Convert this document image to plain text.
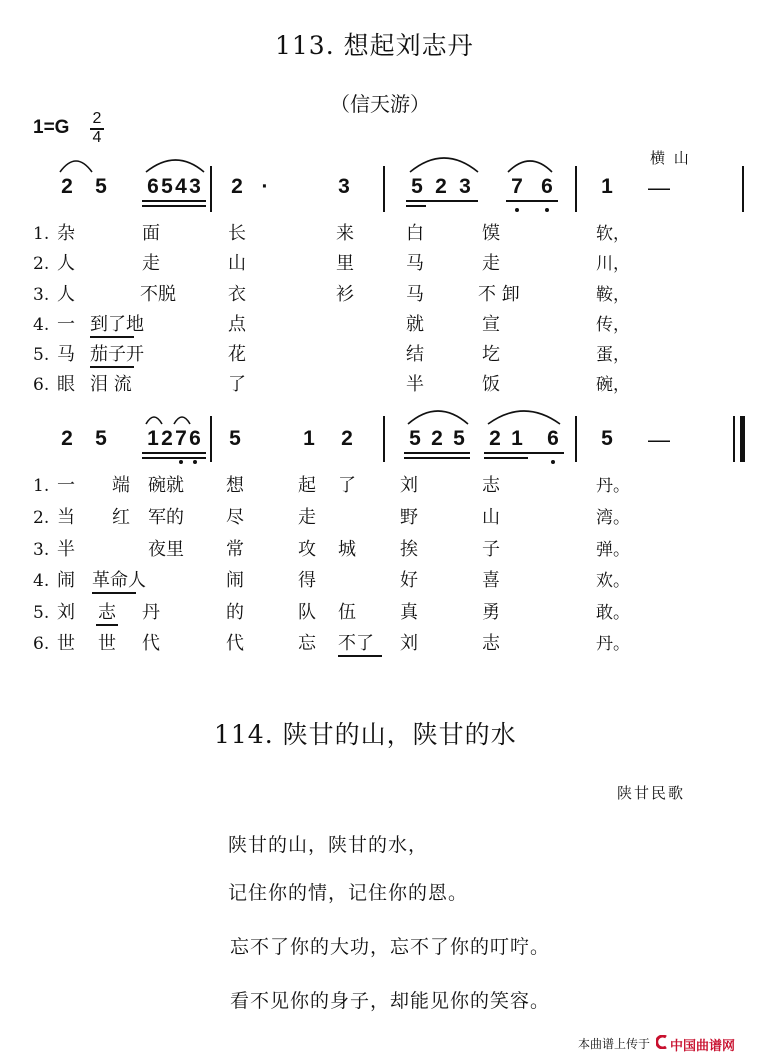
113. 想起刘志丹
（信天游）
1=G 2
4
横 山
2 5 6 5 4 3 2 ·	3	5 2 3 7 6 1 —
1. 杂	面	长	来	白	馍	软，
2. 人	走	山	里	马	走	川，
3. 人	不脱	衣	衫	马	不 卸	鞍，
4. 一 到了地	点	就	宣	传，
5. 马 茄子开	花	结	圪	蛋，
6. 眼 泪 流	了	半	饭	碗，
2 5 1 2 7 6 5	1 2	5 2 5 2 1 6 5 —
1. 一 端 碗就 想	起 了 刘	志	丹。
2. 当 红 军的 尽	走	野	山	湾。
3. 半	夜里 常	攻 城 挨	子	弹。
4. 闹 革命人	闹	得	好	喜	欢。
5. 刘 志 丹	的	队 伍 真	勇	敢。
6. 世 世 代	代	忘 不了 刘	志	丹。
114. 陕甘的山，陕甘的水
陕甘民歌
陕甘的山，陕甘的水，
记住你的情，记住你的恩。
忘不了你的大功，忘不了你的叮咛。
看不见你的身子，却能见你的笑容。
本曲谱上传于 中国曲谱网
